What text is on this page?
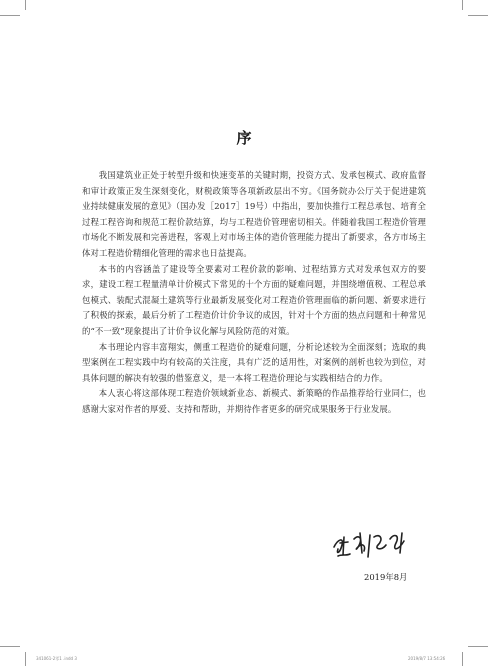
序

我国建筑业正处于转型升级和快速变革的关键时期，投资方式、发承包模式、政府监督和审计政策正发生深刻变化，财税政策等各项新政层出不穷。《国务院办公厅关于促进建筑业持续健康发展的意见》（国办发［2017］19号）中指出，要加快推行工程总承包、培育全过程工程咨询和规范工程价款结算，均与工程造价管理密切相关。伴随着我国工程造价管理市场化不断发展和完善进程，客观上对市场主体的造价管理能力提出了新要求，各方市场主体对工程造价精细化管理的需求也日益提高。

本书的内容涵盖了建设等全要素对工程价款的影响、过程结算方式对发承包双方的要求，建设工程工程量清单计价模式下常见的十个方面的疑难问题，并围绕增值税、工程总承包模式、装配式混凝土建筑等行业最新发展变化对工程造价管理面临的新问题、新要求进行了积极的探索，最后分析了工程造价计价争议的成因，针对十个方面的热点问题和十种常见的“不一致”现象提出了计价争议化解与风险防范的对策。

本书理论内容丰富翔实，侧重工程造价的疑难问题，分析论述较为全面深刻；选取的典型案例在工程实践中均有较高的关注度，具有广泛的适用性，对案例的剖析也较为到位，对具体问题的解决有较强的借鉴意义，是一本将工程造价理论与实践相结合的力作。

本人衷心将这部体现工程造价领域新业态、新模式、新策略的作品推荐给行业同仁，也感谢大家对作者的厚爱、支持和帮助，并期待作者更多的研究成果服务于行业发展。

2019年8月
341061-2零1 .indd 3	2019/8/7 13:54:26
